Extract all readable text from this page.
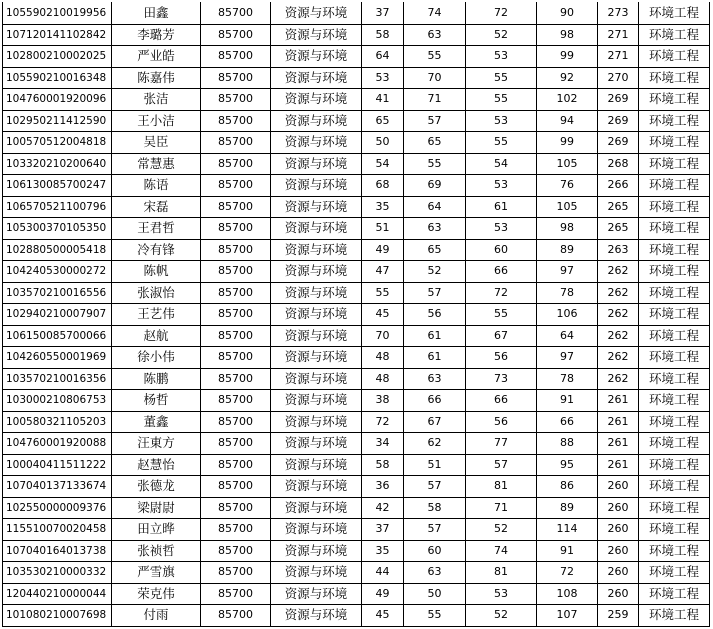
105590210019956	田鑫	85700	资源与环境	37	74	72	90	273	环境工程
107120141102842	李璐芳	85700	资源与环境	58	63	52	98	271	环境工程
102800210002025	严业皓	85700	资源与环境	64	55	53	99	271	环境工程
105590210016348	陈嘉伟	85700	资源与环境	53	70	55	92	270	环境工程
104760001920096	张洁	85700	资源与环境	41	71	55	102	269	环境工程
102950211412590	王小洁	85700	资源与环境	65	57	53	94	269	环境工程
100570512004818	吴臣	85700	资源与环境	50	65	55	99	269	环境工程
103320210200640	常慧惠	85700	资源与环境	54	55	54	105	268	环境工程
106130085700247	陈语	85700	资源与环境	68	69	53	76	266	环境工程
106570521100796	宋磊	85700	资源与环境	35	64	61	105	265	环境工程
105300370105350	王君哲	85700	资源与环境	51	63	53	98	265	环境工程
102880500005418	冷有锋	85700	资源与环境	49	65	60	89	263	环境工程
104240530000272	陈帆	85700	资源与环境	47	52	66	97	262	环境工程
103570210016556	张淑怡	85700	资源与环境	55	57	72	78	262	环境工程
102940210007907	王艺伟	85700	资源与环境	45	56	55	106	262	环境工程
106150085700066	赵航	85700	资源与环境	70	61	67	64	262	环境工程
104260550001969	徐小伟	85700	资源与环境	48	61	56	97	262	环境工程
103570210016356	陈鹏	85700	资源与环境	48	63	73	78	262	环境工程
103000210806753	杨哲	85700	资源与环境	38	66	66	91	261	环境工程
100580321105203	董鑫	85700	资源与环境	72	67	56	66	261	环境工程
104760001920088	汪東方	85700	资源与环境	34	62	77	88	261	环境工程
100040411511222	赵慧怡	85700	资源与环境	58	51	57	95	261	环境工程
107040137133674	张德龙	85700	资源与环境	36	57	81	86	260	环境工程
102550000009376	梁尉尉	85700	资源与环境	42	58	71	89	260	环境工程
115510070020458	田立晔	85700	资源与环境	37	57	52	114	260	环境工程
107040164013738	张祯哲	85700	资源与环境	35	60	74	91	260	环境工程
103530210000332	严雪旗	85700	资源与环境	44	63	81	72	260	环境工程
120440210000044	荣克伟	85700	资源与环境	49	50	53	108	260	环境工程
101080210007698	付雨	85700	资源与环境	45	55	52	107	259	环境工程
